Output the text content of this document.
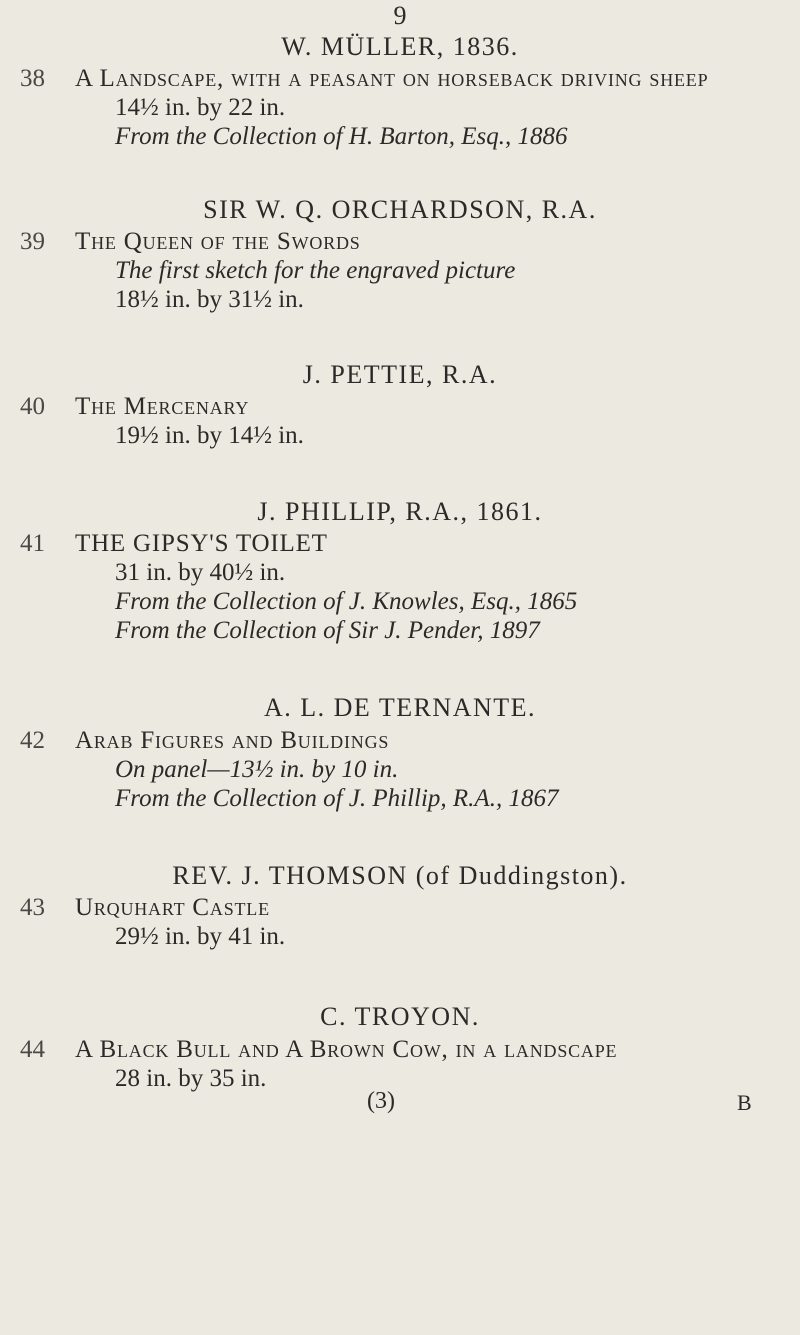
9
W. MÜLLER, 1836.
38 A Landscape, with a peasant on horseback driving sheep
14½ in. by 22 in.
From the Collection of H. Barton, Esq., 1886
SIR W. Q. ORCHARDSON, R.A.
39 The Queen of the Swords
The first sketch for the engraved picture
18½ in. by 31½ in.
J. PETTIE, R.A.
40 The Mercenary
19½ in. by 14½ in.
J. PHILLIP, R.A., 1861.
41 THE GIPSY'S TOILET
31 in. by 40½ in.
From the Collection of J. Knowles, Esq., 1865
From the Collection of Sir J. Pender, 1897
A. L. DE TERNANTE.
42 Arab Figures and Buildings
On panel—13½ in. by 10 in.
From the Collection of J. Phillip, R.A., 1867
REV. J. THOMSON (of Duddingston).
43 Urquhart Castle
29½ in. by 41 in.
C. TROYON.
44 A Black Bull and A Brown Cow, in a landscape
28 in. by 35 in.
(3)	B
